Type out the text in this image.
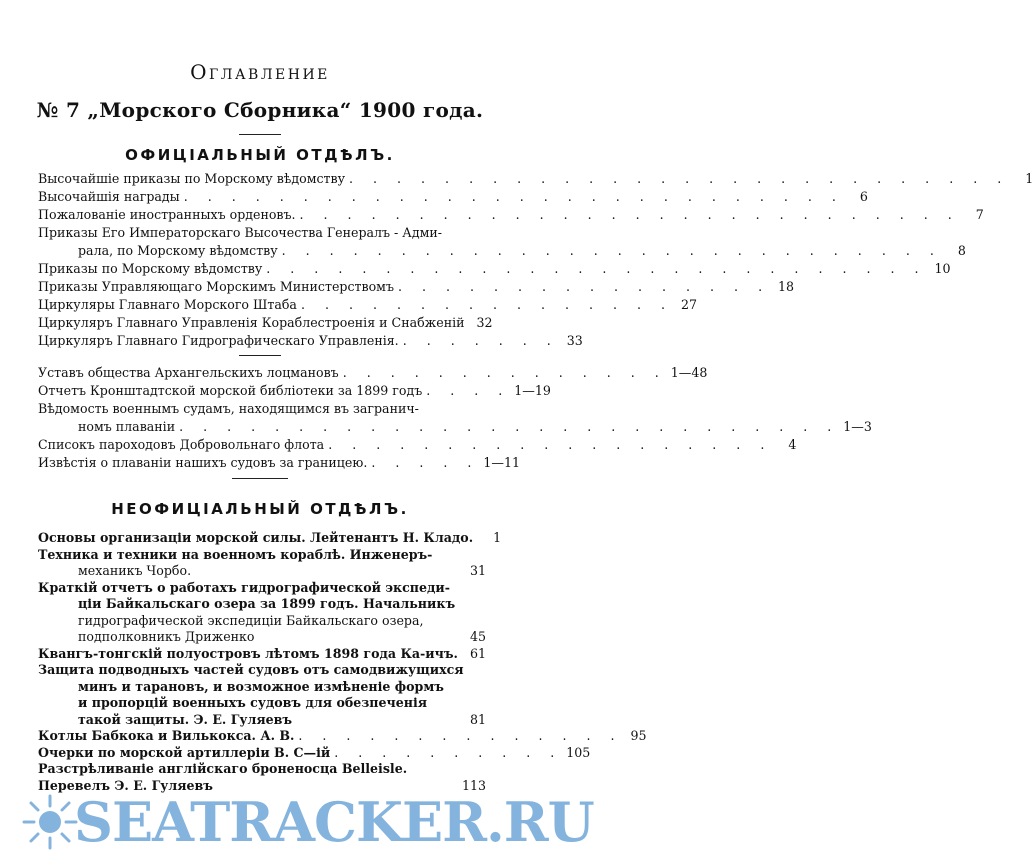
Оглавление
№ 7 „Морского Сборника“ 1900 года.
ОФИЦІАЛЬНЫЙ ОТДѢЛЪ.
Высочайшіе приказы по Морскому вѣдомству . . . . . . . . . . . . . . . . . . . . . . . . . . . .	1
Высочайшія награды . . . . . . . . . . . . . . . . . . . . . . . . . . . .	6
Пожалованіе иностранныхъ орденовъ. . . . . . . . . . . . . . . . . . . . . . . . . . . . .	7
Приказы Его Императорскаго Высочества Генералъ - Адми-
рала, по Морскому вѣдомству . . . . . . . . . . . . . . . . . . . . . . . . . . . .	8
Приказы по Морскому вѣдомству . . . . . . . . . . . . . . . . . . . . . . . . . . . . 10
Приказы Управляющаго Морскимъ Министерствомъ . . . . . . . . . . . . . . . . 18
Циркуляры Главнаго Морского Штаба . . . . . . . . . . . . . . . . 27
Циркуляръ Главнаго Управленія Кораблестроенія и Снабженій 32
Циркуляръ Главнаго Гидрографическаго Управленія. . . . . . . . 33
Уставъ общества Архангельскихъ лоцмановъ . . . . . . . . . . . . . . 1—48
Отчетъ Кронштадтской морской библіотеки за 1899 годъ . . . . 1—19
Вѣдомость военнымъ судамъ, находящимся въ загранич-
номъ плаваніи . . . . . . . . . . . . . . . . . . . . . . . . . . . . 1—3
Списокъ пароходовъ Добровольнаго флота . . . . . . . . . . . . . . . . . . .	4
Извѣстія о плаваніи нашихъ судовъ за границею. . . . . . 1—11
НЕОФИЦІАЛЬНЫЙ ОТДѢЛЪ.
Основы организаціи морской силы. Лейтенантъ Н. Кладо.	1
Техника и техники на военномъ кораблѣ. Инженеръ-
механикъ Чорбо.	31
Краткій отчетъ о работахъ гидрографической экспеди-
ціи Байкальскаго озера за 1899 годъ. Начальникъ
гидрографической экспедиціи Байкальскаго озера,
подполковникъ Дриженко	45
Квангъ-тонгскій полуостровъ лѣтомъ 1898 года Ка-ичъ. 61
Защита подводныхъ частей судовъ отъ самодвижущихся
минъ и тарановъ, и возможное измѣненіе формъ
и пропорцій военныхъ судовъ для обезпеченія
такой защиты. Э. Е. Гуляевъ	81
Котлы Бабкока и Вилькокса. А. В. . . . . . . . . . . . . . . 95
Очерки по морской артиллеріи В. С—ій . . . . . . . . . . 105
Разстрѣливаніе англійскаго броненосца Belleisle. Перевелъ Э. Е. Гуляевъ	113
SEATRACKER.RU
